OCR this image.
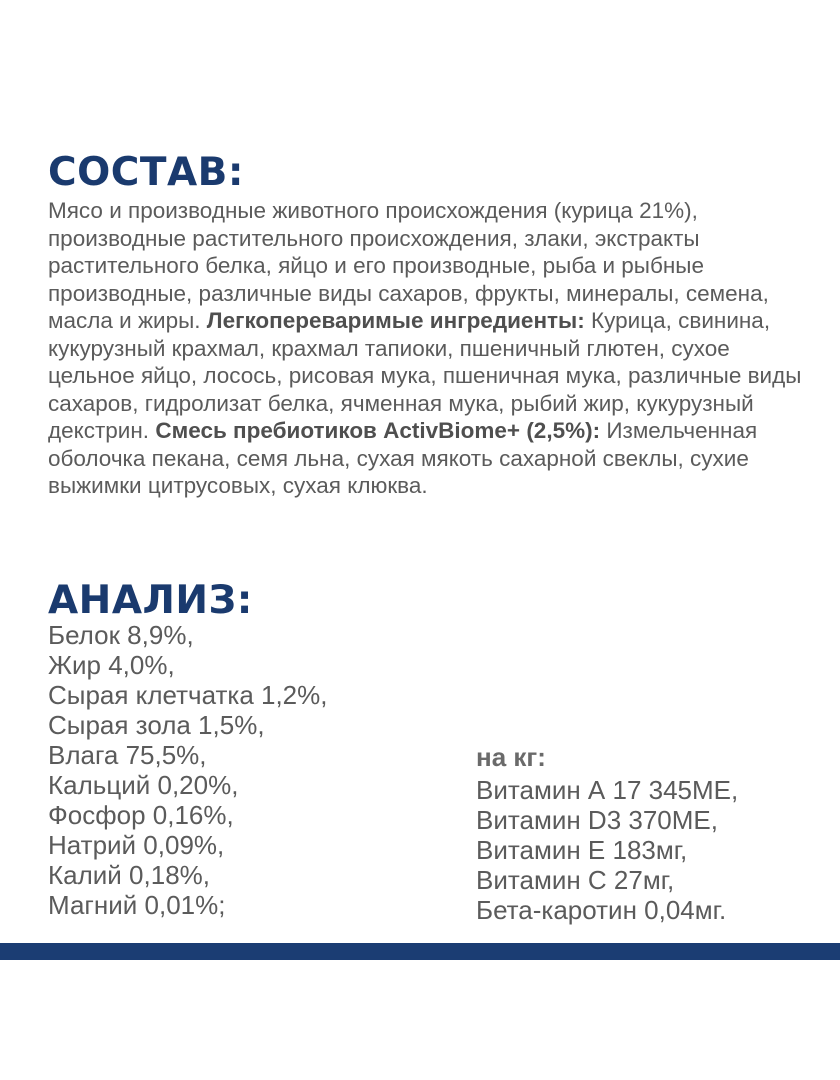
СОСТАВ:

Мясо и производные животного происхождения (курица 21%), производные растительного происхождения, злаки, экстракты растительного белка, яйцо и его производные, рыба и рыбные производные, различные виды сахаров, фрукты, минералы, семена, масла и жиры. Легкопереваримые ингредиенты: Курица, свинина, кукурузный крахмал, крахмал тапиоки, пшеничный глютен, сухое цельное яйцо, лосось, рисовая мука, пшеничная мука, различные виды сахаров, гидролизат белка, ячменная мука, рыбий жир, кукурузный декстрин. Смесь пребиотиков ActivBiome+ (2,5%): Измельченная оболочка пекана, семя льна, сухая мякоть сахарной свеклы, сухие выжимки цитрусовых, сухая клюква.

АНАЛИЗ:
Белок 8,9%,
Жир 4,0%,
Сырая клетчатка 1,2%,
Сырая зола 1,5%,
Влага 75,5%,
Кальций 0,20%,
Фосфор 0,16%,
Натрий 0,09%,
Калий 0,18%,
Магний 0,01%;
на кг:
Витамин А 17 345МЕ,
Витамин D3 370МЕ,
Витамин Е 183мг,
Витамин С 27мг,
Бета-каротин 0,04мг.
